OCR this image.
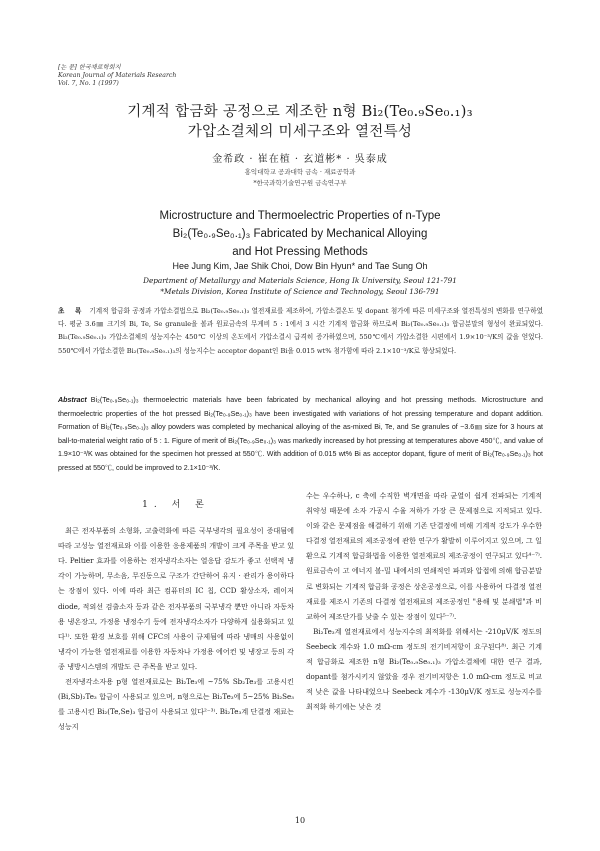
[논 문] 한국재료학회지
Korean Journal of Materials Research
Vol. 7, No. 1 (1997)
기계적 합금화 공정으로 제조한 n형 Bi₂(Te₀.₉Se₀.₁)₃
가압소결체의 미세구조와 열전특성
金希政 · 崔在植 · 玄道彬* · 吳泰成
홍익대학교 공과대학 금속 · 재료공학과
*한국과학기술연구원 금속연구부
Microstructure and Thermoelectric Properties of n-Type
Bi₂(Te₀.₉Se₀.₁)₃ Fabricated by Mechanical Alloying
and Hot Pressing Methods
Hee Jung Kim, Jae Shik Choi, Dow Bin Hyun* and Tae Sung Oh
Department of Metallurgy and Materials Science, Hong Ik University, Seoul 121-791
*Metals Division, Korea Institute of Science and Technology, Seoul 136-791
초 록 기계적 합금화 공정과 가압소결법으로 Bi₂(Te₀.₉Se₀.₁)₃ 열전재료를 제조하여, 가압소결온도 및 dopant 첨가에 따른 미세구조와 열전특성의 변화를 연구하였다. 평균 3.6㎜ 크기의 Bi, Te, Se granule을 볼과 원료금속의 무게비 5 : 1에서 3 시간 기계적 합금화 하므로써 Bi₂(Te₀.₉Se₀.₁)₃ 합금분말의 형성이 완료되었다. Bi₂(Te₀.₉Se₀.₁)₃ 가압소결체의 성능지수는 450℃ 이상의 온도에서 가압소결시 급격히 증가하였으며, 550℃에서 가압소결한 시편에서 1.9×10⁻³/K의 값을 얻었다. 550℃에서 가압소결한 Bi₂(Te₀.₉Se₀.₁)₃의 성능지수는 acceptor dopant인 Bi을 0.015 wt% 첨가함에 따라 2.1×10⁻³/K로 향상되었다.
Abstract Bi₂(Te₀.₉Se₀.₁)₃ thermoelectric materials have been fabricated by mechanical alloying and hot pressing methods. Microstructure and thermoelectric properties of the hot pressed Bi₂(Te₀.₉Se₀.₁)₃ have been investigated with variations of hot pressing temperature and dopant addition. Formation of Bi₂(Te₀.₉Se₀.₁)₃ alloy powders was completed by mechanical alloying of the as-mixed Bi, Te, and Se granules of ~3.6㎜ size for 3 hours at ball-to-material weight ratio of 5 : 1. Figure of merit of Bi₂(Te₀.₉Se₀.₁)₃ was markedly increased by hot pressing at temperatures above 450℃, and value of 1.9×10⁻³/K was obtained for the specimen hot pressed at 550℃. With addition of 0.015 wt% Bi as acceptor dopant, figure of merit of Bi₂(Te₀.₉Se₀.₁)₃ hot pressed at 550℃, could be improved to 2.1×10⁻³/K.
1. 서 론

최근 전자부품의 소형화, 고출력화에 따른 국부냉각의 필요성이 증대됨에 따라 고성능 열전재료와 이를 이용한 응용제품의 개발이 크게 주목을 받고 있다. Peltier 효과를 이용하는 전자냉각소자는 열응답 감도가 좋고 선택적 냉각이 가능하며, 무소음, 무진동으로 구조가 간단하여 유지 · 관리가 용이하다는 장점이 있다. 이에 따라 최근 컴퓨터의 IC 칩, CCD 활상소자, 레이저 diode, 적외선 검출소자 등과 같은 전자부품의 국부냉각 뿐만 아니라 자동차용 냉온장고, 가정용 냉정수기 등에 전자냉각소자가 다양하게 실용화되고 있다¹⁾. 또한 환경 보호를 위해 CFC의 사용이 규제됨에 따라 냉매의 사용없이 냉각이 가능한 열전재료를 이용한 자동차나 가정용 에어컨 및 냉장고 등의 각종 냉방시스템의 개발도 큰 주목을 받고 있다.

전자냉각소자용 p형 열전재료로는 Bi₂Te₃에 ~75% Sb₂Te₃를 고용시킨 (Bi,Sb)₂Te₃ 합금이 사용되고 있으며, n형으로는 Bi₂Te₃에 5~25% Bi₂Se₃를 고용시킨 Bi₂(Te,Se)₃ 합금이 사용되고 있다²⁻³⁾. Bi₂Te₃계 단결정 재료는 성능지

수는 우수하나, c 축에 수직한 벽개면을 따라 균열이 쉽게 전파되는 기계적 취약성 때문에 소자 가공시 수율 저하가 가장 큰 문제점으로 지적되고 있다. 이와 같은 문제점을 해결하기 위해 기존 단결정에 비해 기계적 강도가 우수한 다결정 열전재료의 제조공정에 관한 연구가 활발히 이루어지고 있으며, 그 일환으로 기계적 합금화법을 이용한 열전재료의 제조공정이 연구되고 있다⁴⁻⁷⁾. 원료금속이 고 에너지 볼-밀 내에서의 연쇄적인 파괴와 압접에 의해 합금분말로 변화되는 기계적 합금화 공정은 상온공정으로, 이를 사용하여 다결정 열전재료를 제조시 기존의 다결정 열전재료의 제조공정인 "용해 및 분쇄법"과 비교하여 제조단가를 낮출 수 있는 장점이 있다⁵⁻⁷⁾.

Bi₂Te₃계 열전재료에서 성능지수의 최적화를 위해서는 -210μV/K 정도의 Seebeck 계수와 1.0 mΩ-cm 정도의 전기비저항이 요구된다⁸⁾. 최근 기계적 합금화로 제조한 n형 Bi₂(Te₀.₉Se₀.₁)₃ 가압소결체에 대한 연구 결과, dopant를 첨가시키지 않았을 경우 전기비저항은 1.0 mΩ-cm 정도로 비교적 낮은 값을 나타내었으나 Seebeck 계수가 -130μV/K 정도로 성능지수를 최적화 하기에는 낮은 것

10
